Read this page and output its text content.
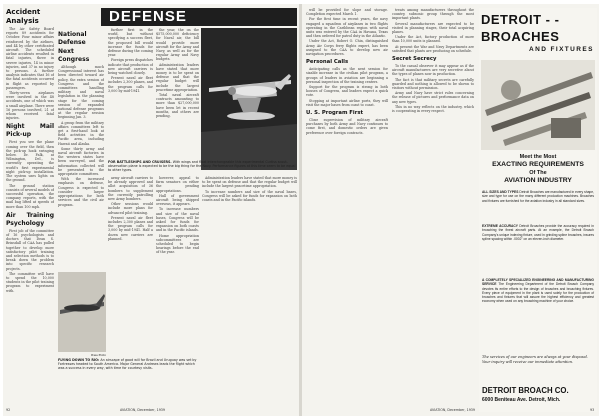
DEFENSE
Accident Analysis

The Air Safety Board reports 89 accidents for October. Four minor affairs reinforced by the airlines, and 44 by other certificated aircraft. The scheduled airline accidents resulted in fatal injuries, three in severe injuries, 14 in minor injuries, and 37 in no injury to persons. A further analysis indicates that 16 of the fatal accidents occurred in flight as reported by passengers.

Thirty-seven airplanes were involved in the 48 accidents, one of which was a small airplane. There were 16 persons involved, 21 of whom received fatal injuries.

Night Mail Pick-up

First you see the plane coming over the field, then the pick-up hook swinging below. Dr. Falk, at Wilmington, Del., is currently operating the world's first experimental night pick-up installation. The system uses lights on the ground.

The ground station consists of several models of successful operation, the company reports, with the mail bag lifted at speeds of more than 100 mph.

Air Training Psychology

First job of the committee of 16 psychologists and doctors that Dean S. Brinsdall of CAA has pulled together to develop more satisfactory pilot training and selection methods is to break down the problem into specific research projects.

The committee will have to spend the 10,000 students in the pilot training program to experiment with.

National Defense
Next Congress

Although much Congressional interest has been directed toward air policy, the extra session of Congress and the committees handling military and naval legislation in the planning stage for the coming session of expanded national defense programs at the regular session beginning Jan. 3.

A group from the military affairs committees left to get a first-hand look at field activities in the Pacific area, including Hawaii and Alaska.

Some thirty army and naval aircraft factories in the western states have been surveyed, and the information collected will be presented to the appropriate committees.

With the increased emphasis on defense, Congress is expected to consider larger appropriations for both services and the civil air program.

further first in the world, but without specifying a success fleet, the proposed bill would increase the funds for defense during the coming year.

Foreign press dispatches indicate that production of new aircraft carriers is being watched closely.

Present naval air fleet includes 2,300 planes, and the program calls for 3,000 by mid-1941.

the year, the on the $575,000,000 deficiency for Naval air, the bill would provide more aircraft for the Army and Navy, as well as for the regular Army and Navy budgets.

Administration leaders have stated that more money is to be spent on defense and that the regular budget will include the largest peacetime appropriation.

Total naval aircraft contracts amounting to more than $27,000,000 have been let in recent months, and others are pending.

FOR BATTLESHIPS AND CRUISERS. With wings and float interchangeable this experimental Curtiss scout-observation plane is expected to be the big thing for the Navy. Performance figures at this time seem to be equal to other types.

army aircraft carriers to be already approved and allot acquisition of 36 bombers to supplement the currently patrolling new Army bombers.

Other sessions would include more plans for advanced pilot training.

Present naval air fleet includes 2,300 planes and the program calls for 3,000 by mid-1941. Half a dozen new carriers are planned.

however, appeal to farm senators on either the pending appropriations.

Hull of government aircraft being shipped overseas, it appears.

To increase numbers and size of the naval bases, Congress will be asked for funds for expansion on both coasts and in the Pacific islands.

Home appropriation subcommittees are scheduled to begin hearings before the end of the year.

Administration leaders have stated that more money is to be spent on defense and that the regular budget will include the largest peacetime appropriation.

To increase numbers and size of the naval bases, Congress will be asked for funds for expansion on both coasts and in the Pacific islands.

Press Photo
FLYING DOWN TO RIO: An airscape of good will for Brazil and Uruguay was set by Fortresses headed to South America. Major General Andrews leads the flight which was a success in every way, with time for courtesy visits.
92	AVIATION, December, 1939

will be provided for slope and storage. Completion expected March 1.

For the first time in recent years, the navy engaged a squadron of airplanes in two flights operating in the Caribbean region with naval units was entered by the CAA in Havana, Texas and then ordered for patrol duty in the Atlantic.

Under the Act, Robert O. Chin, distinguished Army Air Corps ferry flights expert, has been assigned to the CAA to develop new air navigation procedures.

Personal Calls

Anticipating calls as the next session for sizable increase in the civilian pilot program, a groups of leaders in aviation are beginning a personal inspection of the training centers.

Support for the program is strong in both houses of Congress, and leaders expect a quick vote.

Stopping at important airline ports, they will visit the major bases from coast to coast.

U. S. Program First

Close supervision of military aircraft purchases by both Army and Navy continues to come first, and domestic orders are given preference over foreign contracts.

treats among manufacturers throughout the country, subsonic group through the most important plants.

Several manufacturers are expected to be visited in planning stages, their total acquiring planes.

Under the Act, factory production of more than 10,000 units is planned.

At present the War and Navy Departments are satisfied that plants are producing on schedule.

Secret Secrecy

To the casual observer it may appear as if the aircraft manufacturers are very secretive about the types of planes now in production.

The fact is that military secrets are carefully guarded and nothing is allowed to be shown to visitors without permission.

Army and Navy have strict rules concerning the release of pictures and performance data on any new types.

This in no way reflects on the industry, which is cooperating in every respect.

DETROIT - -
BROACHES
AND FIXTURES
Meet the Most
EXACTING REQUIREMENTS
Of The
AVIATION INDUSTRY
ALL SIZES AND TYPES Detroit Broaches are manufactured in every shape, size and type for use on the many different production machines. Broaches and fixtures are furnished for the aviation industry in all standard sizes.
EXTREME ACCURACY Detroit Broaches provide the accuracy required in broaching the finest aircraft parts. At an example, the Detroit Broach Company's unique indexing fixture, used in grinding spline broaches, insures spline spacing within .0002" on an eleven-inch diameter.
A COMPLETELY SPECIALIZED ENGINEERING AND MANUFACTURING SERVICE The Engineering Department of the Detroit Broach Company devotes its entire efforts to the design of broaches and broaching fixtures. Every piece of equipment in the plant is used solely for the production of broaches and fixtures that will assure the highest efficiency and greatest economy when used on any broaching machine of your choice.
The services of our engineers are always at your disposal. Your inquiry will receive our immediate attention.
DETROIT BROACH CO.
6000 Beniteau Ave. Detroit, Mich.
AVIATION, December, 1939	93
